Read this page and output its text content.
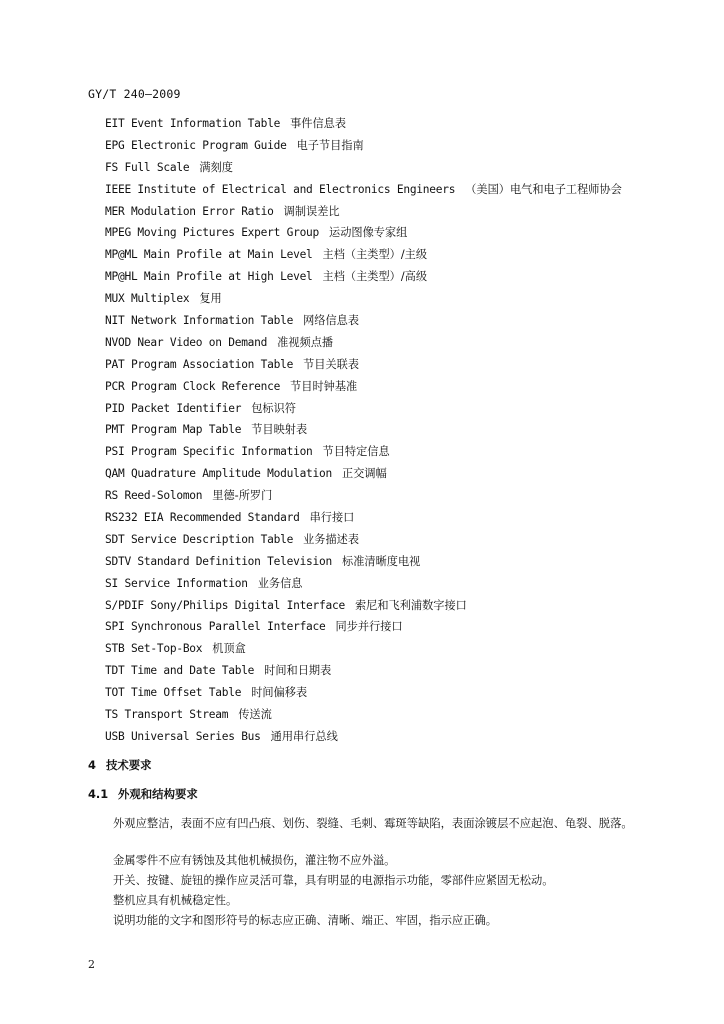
GY/T 240—2009
EIT Event Information Table 事件信息表
EPG Electronic Program Guide 电子节目指南
FS Full Scale 满刻度
IEEE Institute of Electrical and Electronics Engineers （美国）电气和电子工程师协会
MER Modulation Error Ratio 调制误差比
MPEG Moving Pictures Expert Group 运动图像专家组
MP@ML Main Profile at Main Level 主档（主类型）/主级
MP@HL Main Profile at High Level 主档（主类型）/高级
MUX Multiplex 复用
NIT Network Information Table 网络信息表
NVOD Near Video on Demand 准视频点播
PAT Program Association Table 节目关联表
PCR Program Clock Reference 节目时钟基准
PID Packet Identifier 包标识符
PMT Program Map Table 节目映射表
PSI Program Specific Information 节目特定信息
QAM Quadrature Amplitude Modulation 正交调幅
RS Reed-Solomon 里德-所罗门
RS232 EIA Recommended Standard 串行接口
SDT Service Description Table 业务描述表
SDTV Standard Definition Television 标准清晰度电视
SI Service Information 业务信息
S/PDIF Sony/Philips Digital Interface 索尼和飞利浦数字接口
SPI Synchronous Parallel Interface 同步并行接口
STB Set-Top-Box 机顶盒
TDT Time and Date Table 时间和日期表
TOT Time Offset Table 时间偏移表
TS Transport Stream 传送流
USB Universal Series Bus 通用串行总线
4 技术要求
4.1 外观和结构要求
外观应整洁，表面不应有凹凸痕、划伤、裂缝、毛刺、霉斑等缺陷，表面涂镀层不应起泡、龟裂、脱落。
金属零件不应有锈蚀及其他机械损伤，灌注物不应外溢。
开关、按键、旋钮的操作应灵活可靠，具有明显的电源指示功能，零部件应紧固无松动。
整机应具有机械稳定性。
说明功能的文字和图形符号的标志应正确、清晰、端正、牢固，指示应正确。
2
